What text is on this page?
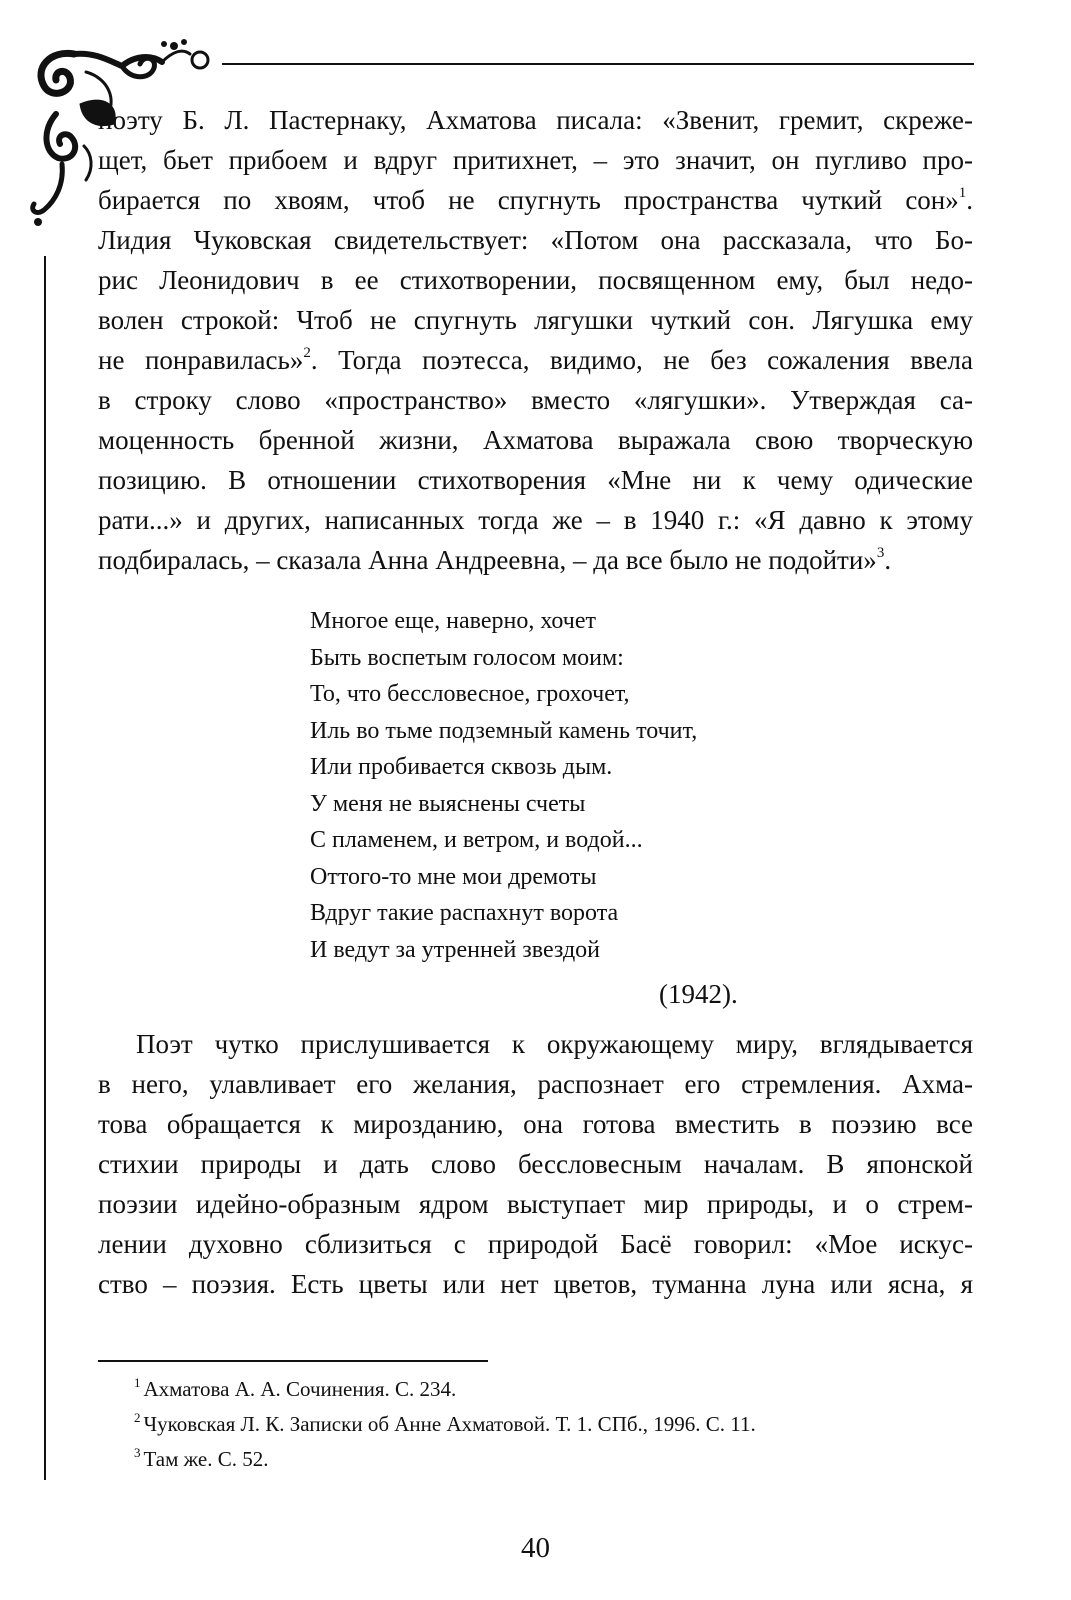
поэту Б. Л. Пастернаку, Ахматова писала: «Звенит, гремит, скреже-
щет, бьет прибоем и вдруг притихнет, – это значит, он пугливо про-
бирается по хвоям, чтоб не спугнуть пространства чуткий сон»$^1$.
Лидия Чуковская свидетельствует: «Потом она рассказала, что Бо-
рис Леонидович в ее стихотворении, посвященном ему, был недо-
волен строкой: Чтоб не спугнуть лягушки чуткий сон. Лягушка ему
не понравилась»$^2$. Тогда поэтесса, видимо, не без сожаления ввела
в строку слово «пространство» вместо «лягушки». Утверждая са-
моценность бренной жизни, Ахматова выражала свою творческую
позицию. В отношении стихотворения «Мне ни к чему одические
рати...» и других, написанных тогда же – в 1940 г.: «Я давно к этому
подбиралась, – сказала Анна Андреевна, – да все было не подойти»$^3$.
Многое еще, наверно, хочет
Быть воспетым голосом моим:
То, что бессловесное, грохочет,
Иль во тьме подземный камень точит,
Или пробивается сквозь дым.
У меня не выяснены счеты
С пламенем, и ветром, и водой...
Оттого-то мне мои дремоты
Вдруг такие распахнут ворота
И ведут за утренней звездой
(1942).
Поэт чутко прислушивается к окружающему миру, вглядывается
в него, улавливает его желания, распознает его стремления. Ахма-
това обращается к мирозданию, она готова вместить в поэзию все
стихии природы и дать слово бессловесным началам. В японской
поэзии идейно-образным ядром выступает мир природы, и о стрем-
лении духовно сблизиться с природой Басё говорил: «Мое искус-
ство – поэзия. Есть цветы или нет цветов, туманна луна или ясна, я
$^1$ Ахматова А. А. Сочинения. С. 234.
$^2$ Чуковская Л. К. Записки об Анне Ахматовой. Т. 1. СПб., 1996. С. 11.
$^3$ Там же. С. 52.
40
